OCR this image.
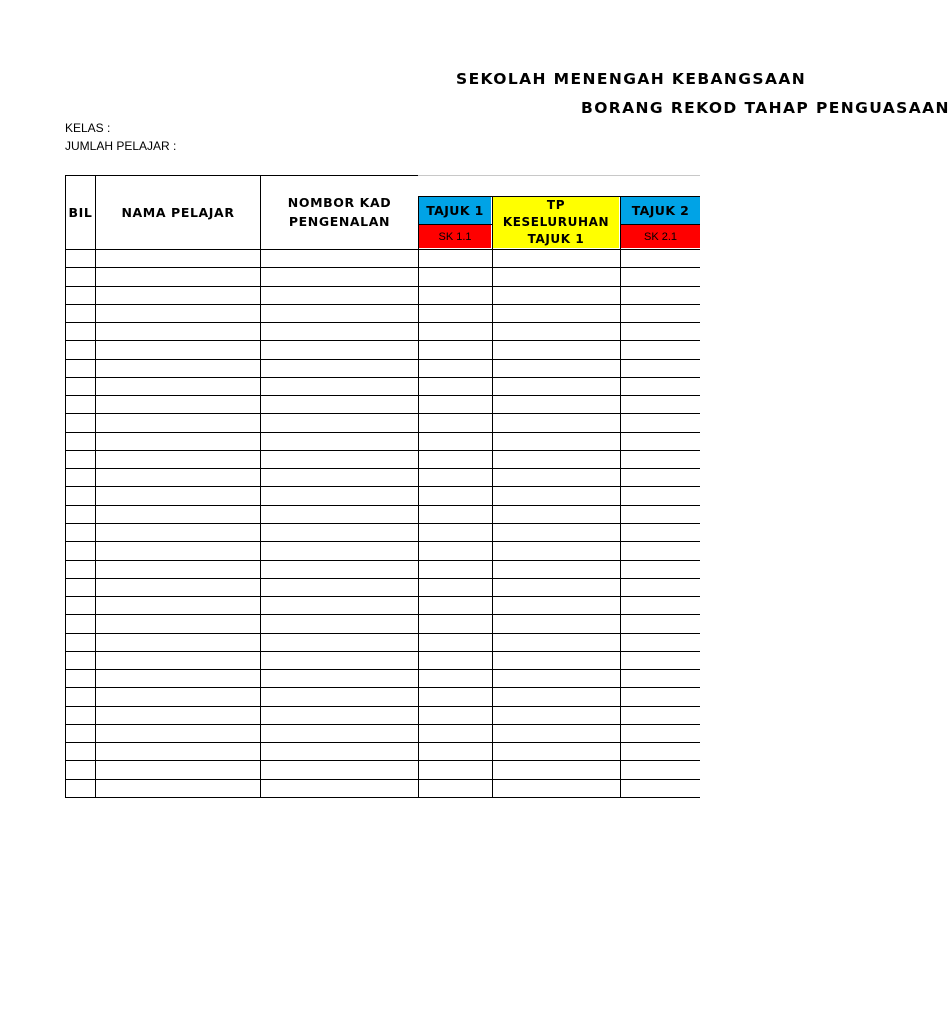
SEKOLAH MENENGAH KEBANGSAAN
BORANG REKOD TAHAP PENGUASAAN
KELAS :
JUMLAH PELAJAR :
BIL	NAMA PELAJAR
NOMBOR KAD
PENGENALAN
TAJUK 1
SK 1.1
TP
KESELURUHAN
TAJUK 1
TAJUK 2
SK 2.1
